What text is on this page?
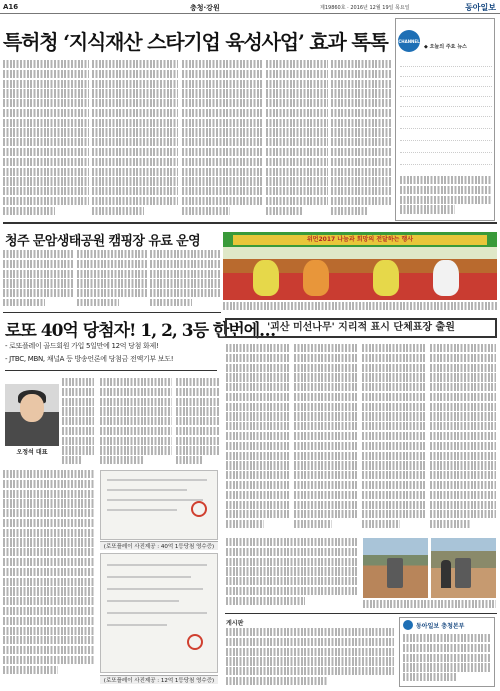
A16	충청·강원	제19860호 · 2016년 12월 19일 목요일	동아일보
특허청 ‘지식재산 스타기업 육성사업’ 효과 톡톡	CHANNEL
◆ 오늘의 주요 뉴스
청주 문암생태공원 캠핑장 유료 운영	위먼2017 나눔과 희망의 전달하는 행사
로또 40억 당첨자! 1, 2, 3등 한번에…
- 로또플레이 골드회원 가입 5일만에 12억 당첨 화제!
- JTBC, MBN, 채널A 등 방송언론에 당첨금 전액기부 보도!
오정석 대표
(로또플레이 사진제공 : 40억 1등당첨 영수증)
(로또플레이 사진제공 : 12억 1등당첨 영수증)
'괴산 미선나무' 지리적 표시 단체표장 출원
게시판	동아일보 충청본부
